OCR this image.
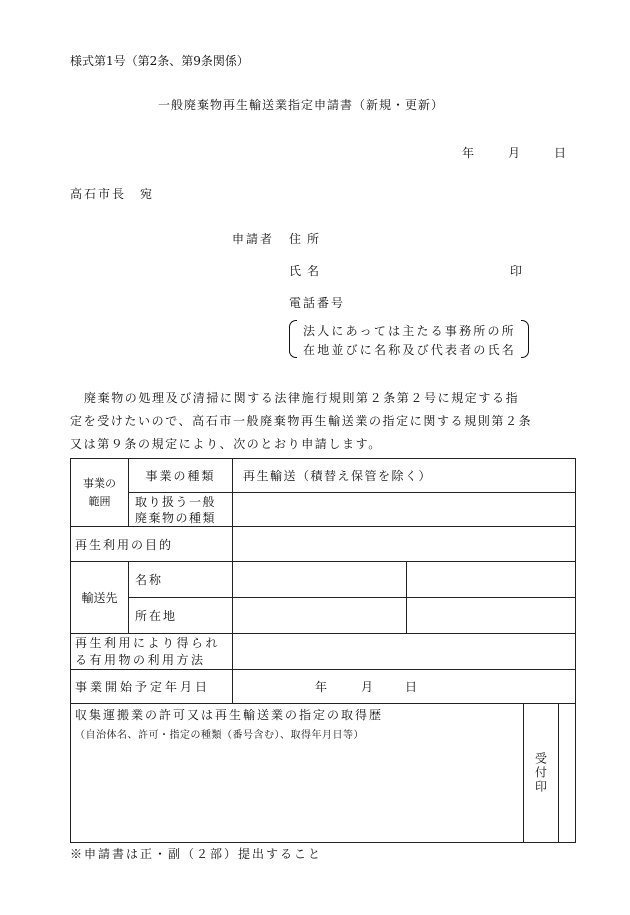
様式第1号（第2条、第9条関係）
一般廃棄物再生輸送業指定申請書（新規・更新）
年	月	日
高石市長　宛
申請者 住所
氏名	印
電話番号
法人にあっては主たる事務所の所
在地並びに名称及び代表者の氏名
廃棄物の処理及び清掃に関する法律施行規則第２条第２号に規定する指
定を受けたいので、高石市一般廃棄物再生輸送業の指定に関する規則第２条
又は第９条の規定により、次のとおり申請します。
事業の範囲	事業の種類	再生輸送（積替え保管を除く）		
	取り扱う一般廃棄物の種類			
再生利用の目的				
輸送先	名称			
	所在地			
再生利用により得られる有用物の利用方法				
事業開始予定年月日		年 月 日		

収集運搬業の許可又は再生輸送業の指定の取得歴
（自治体名、許可・指定の種類（番号含む）、取得年月日等）				受付印
※申請書は正・副（２部）提出すること
